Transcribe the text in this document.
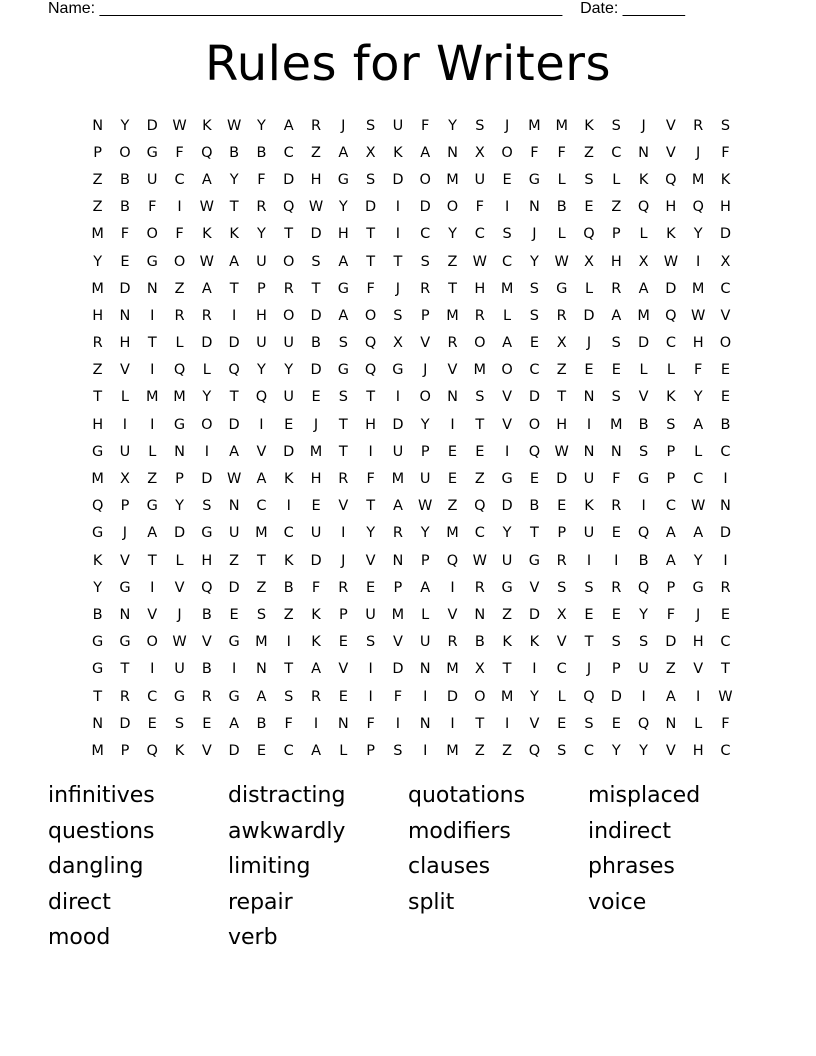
Name: ____________________________________________________ Date: _______
Rules for Writers
N	Y	D	W	K	W	Y	A	R	J	S	U	F	Y	S	J	M	M	K	S	J	V	R	S
P	O	G	F	Q	B	B	C	Z	A	X	K	A	N	X	O	F	F	Z	C	N	V	J	F
Z	B	U	C	A	Y	F	D	H	G	S	D	O	M	U	E	G	L	S	L	K	Q	M	K
Z	B	F	I	W	T	R	Q W	Y	D	I	D	O	F	I	N	B	E	Z	Q	H	Q	H
M	F	O	F	K	K	Y	T	D	H	T	I	C	Y	C	S	J	L	Q	P	L	K	Y	D
Y	E	G	O W	A	U	O	S	A	T	T	S	Z	W	C	Y	W	X	H	X	W	I	X
M	D	N	Z	A	T	P	R	T	G	F	J	R	T	H	M	S	G	L	R	A	D	M	C
H	N	I	R	R	I	H	O	D	A	O	S	P	M	R	L	S	R	D	A	M	Q W	V
R	H	T	L	D	D	U	U	B	S	Q	X	V	R	O	A	E	X	J	S	D	C	H	O
Z	V	I	Q	L	Q	Y	Y	D	G	Q	G	J	V	M	O	C	Z	E	E	L	L	F	E
T	L	M	M	Y	T	Q	U	E	S	T	I	O	N	S	V	D	T	N	S	V	K	Y	E
H	I	I	G	O	D	I	E	J	T	H	D	Y	I	T	V	O	H	I	M	B	S	A	B
G	U	L	N	I	A	V	D	M	T	I	U	P	E	E	I	Q W	N	N	S	P	L	C
M	X	Z	P	D	W	A	K	H	R	F	M	U	E	Z	G	E	D	U	F	G	P	C	I
Q	P	G	Y	S	N	C	I	E	V	T	A	W	Z	Q	D	B	E	K	R	I	C	W	N
G	J	A	D	G	U	M	C	U	I	Y	R	Y	M	C	Y	T	P	U	E	Q	A	A	D
K	V	T	L	H	Z	T	K	D	J	V	N	P	Q W	U	G	R	I	I	B	A	Y	I
Y	G	I	V	Q	D	Z	B	F	R	E	P	A	I	R	G	V	S	S	R	Q	P	G	R
B	N	V	J	B	E	S	Z	K	P	U	M	L	V	N	Z	D	X	E	E	Y	F	J	E
G	G	O W	V	G	M	I	K	E	S	V	U	R	B	K	K	V	T	S	S	D	H	C
G	T	I	U	B	I	N	T	A	V	I	D	N	M	X	T	I	C	J	P	U	Z	V	T
T	R	C	G	R	G	A	S	R	E	I	F	I	D	O	M	Y	L	Q	D	I	A	I	W
N	D	E	S	E	A	B	F	I	N	F	I	N	I	T	I	V	E	S	E	Q	N	L	F
M	P	Q	K	V	D	E	C	A	L	P	S	I	M	Z	Z	Q	S	C	Y	Y	V	H	C
infinitives	distracting	quotations	misplaced
questions	awkwardly	modifiers	indirect
dangling	limiting	clauses	phrases
direct	repair	split	voice
mood	verb
